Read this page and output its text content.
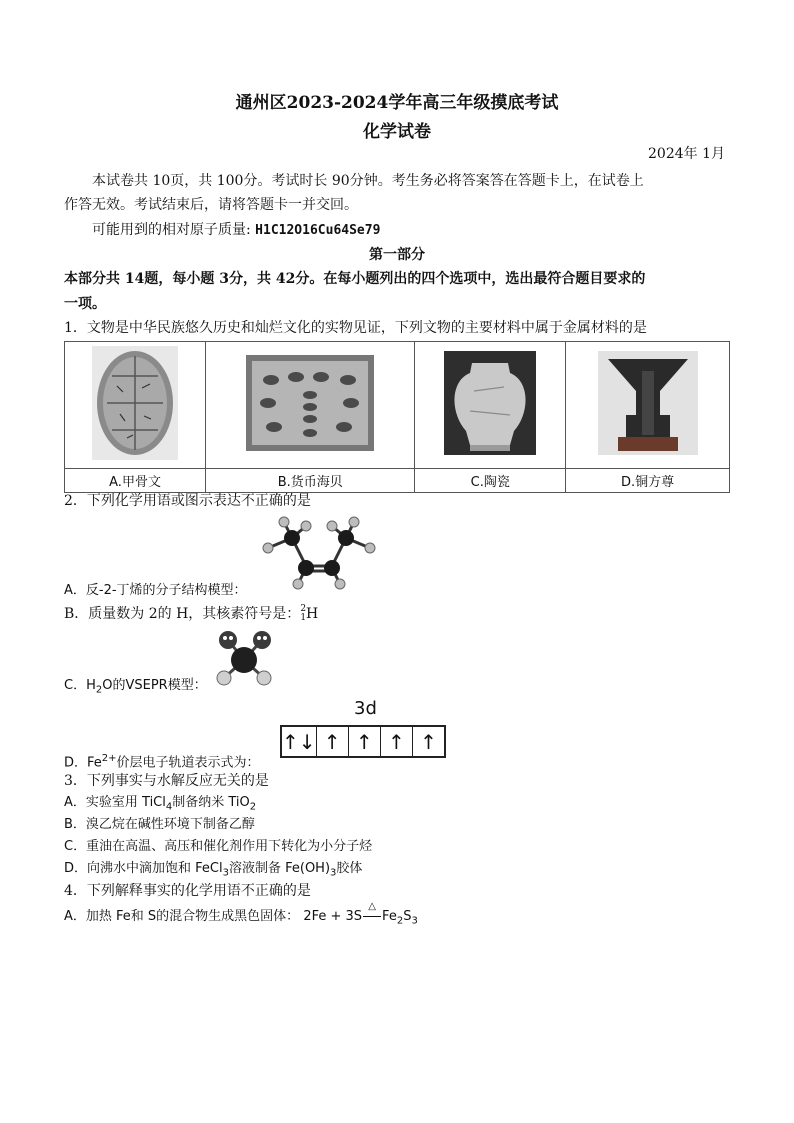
通州区2023-2024学年高三年级摸底考试
化学试卷
2024年 1月
本试卷共 10页，共 100分。考试时长 90分钟。考生务必将答案答在答题卡上，在试卷上
作答无效。考试结束后，请将答题卡一并交回。
可能用到的相对原子质量: H1C12O16Cu64Se79
第一部分
本部分共 14题，每小题 3分，共 42分。在每小题列出的四个选项中，选出最符合题目要求的
一项。
1．文物是中华民族悠久历史和灿烂文化的实物见证，下列文物的主要材料中属于金属材料的是

A.甲骨文	B.货币海贝	C.陶瓷	D.铜方尊
2．下列化学用语或图示表达不正确的是
A．反-2-丁烯的分子结构模型：
B．质量数为 2的 H，其核素符号是：2
1H
C．$H_2O$的VSEPR模型：
3d
↑↓ ↑ ↑ ↑ ↑
D．$Fe^{2+}$价层电子轨道表示式为：
3．下列事实与水解反应无关的是
A．实验室用 TiCl$_4$制备纳米 TiO$_2$
B．溴乙烷在碱性环境下制备乙醇
C．重油在高温、高压和催化剂作用下转化为小分子烃
D．向沸水中滴加饱和 FeCl$_3$溶液制备 $Fe(OH)_3$胶体
4．下列解释事实的化学用语不正确的是
A．加热 Fe和 S的混合物生成黑色固体： 2Fe + 3S
△
$Fe_2S_3$
